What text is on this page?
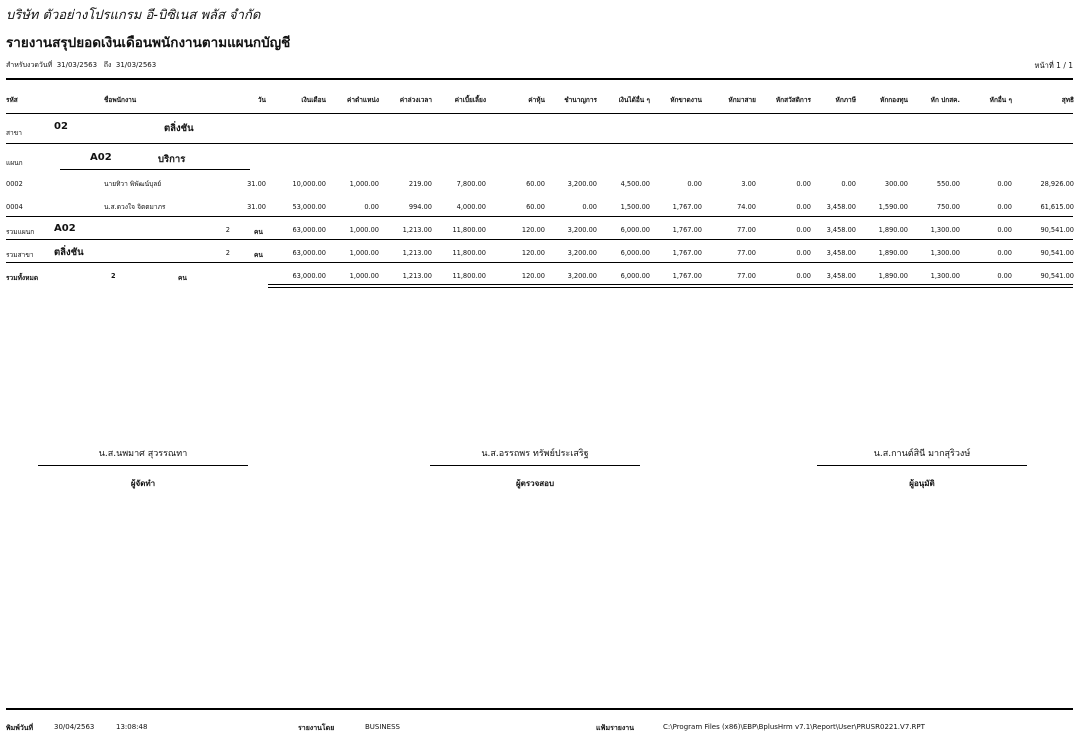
บริษัท ตัวอย่างโปรแกรม อี-บิซิเนส พลัส จำกัด
รายงานสรุปยอดเงินเดือนพนักงานตามแผนกบัญชี
สำหรับงวดวันที่ 31/03/2563 ถึง 31/03/2563	หน้าที่ 1 / 1
รหัส	ชื่อพนักงาน	วัน	เงินเดือน	ค่าตำแหน่ง	ค่าล่วงเวลา	ค่าเบี้ยเลี้ยง	ค่าหุ้น	ชำนาญการ	เงินได้อื่น ๆ	หักขาดงาน	หักมาสาย	หักสวัสดิการ	หักภาษี	หักกองทุน	หัก ปกสค.	หักอื่น ๆ	สุทธิ
สาขา
02	ตลิ่งชัน
แผนก	A02	บริการ
0002	นายทิวา พิพัฒน์บุลย์	31.00	10,000.00	1,000.00	219.00	7,800.00	60.00	3,200.00	4,500.00	0.00	3.00	0.00	0.00	300.00	550.00	0.00	28,926.00
0004	น.ส.ดวงใจ จิตตมาภร	31.00	53,000.00	0.00	994.00	4,000.00	60.00	0.00	1,500.00	1,767.00	74.00	0.00	3,458.00	1,590.00	750.00	0.00	61,615.00
รวมแผนก A02	2	คน	63,000.00	1,000.00	1,213.00	11,800.00	120.00	3,200.00	6,000.00	1,767.00	77.00	0.00	3,458.00	1,890.00	1,300.00	0.00	90,541.00
รวมสาขา ตลิ่งชัน	2	คน	63,000.00	1,000.00	1,213.00	11,800.00	120.00	3,200.00	6,000.00	1,767.00	77.00	0.00	3,458.00	1,890.00	1,300.00	0.00	90,541.00
รวมทั้งหมด	2	คน	63,000.00	1,000.00	1,213.00	11,800.00	120.00	3,200.00	6,000.00	1,767.00	77.00	0.00	3,458.00	1,890.00	1,300.00	0.00	90,541.00
น.ส.นพมาศ สุวรรณทา
ผู้จัดทำ
น.ส.อรรถพร ทรัพย์ประเสริฐ
ผู้ตรวจสอบ
น.ส.กานต์สินี มากสุริวงษ์
ผู้อนุมัติ
พิมพ์วันที่	30/04/2563	13:08:48	รายงานโดย	BUSINESS	แฟ้มรายงาน	C:\Program Files (x86)\EBP\BplusHrm v7.1\Report\User\PRUSR0221.V7.RPT
